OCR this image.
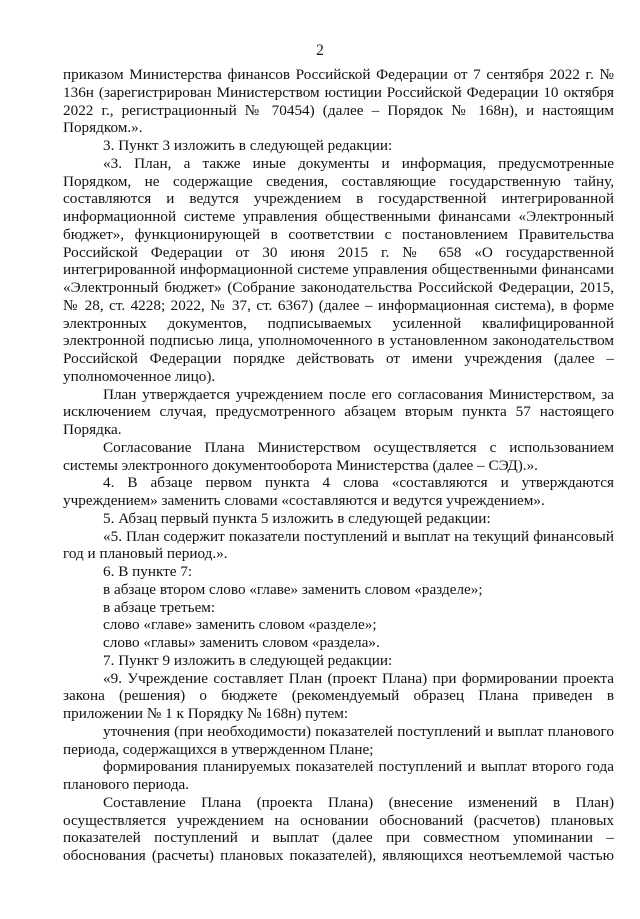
2

приказом Министерства финансов Российской Федерации от 7 сентября 2022 г. № 136н (зарегистрирован Министерством юстиции Российской Федерации 10 октября 2022 г., регистрационный № 70454) (далее – Порядок № 168н), и настоящим Порядком.».

3. Пункт 3 изложить в следующей редакции:

«3. План, а также иные документы и информация, предусмотренные Порядком, не содержащие сведения, составляющие государственную тайну, составляются и ведутся учреждением в государственной интегрированной информационной системе управления общественными финансами «Электронный бюджет», функционирующей в соответствии с постановлением Правительства Российской Федерации от 30 июня 2015 г. № 658 «О государственной интегрированной информационной системе управления общественными финансами «Электронный бюджет» (Собрание законодательства Российской Федерации, 2015, № 28, ст. 4228; 2022, № 37, ст. 6367) (далее – информационная система), в форме электронных документов, подписываемых усиленной квалифицированной электронной подписью лица, уполномоченного в установленном законодательством Российской Федерации порядке действовать от имени учреждения (далее – уполномоченное лицо).

План утверждается учреждением после его согласования Министерством, за исключением случая, предусмотренного абзацем вторым пункта 57 настоящего Порядка.

Согласование Плана Министерством осуществляется с использованием системы электронного документооборота Министерства (далее – СЭД).».

4. В абзаце первом пункта 4 слова «составляются и утверждаются учреждением» заменить словами «составляются и ведутся учреждением».

5. Абзац первый пункта 5 изложить в следующей редакции:

«5. План содержит показатели поступлений и выплат на текущий финансовый год и плановый период.».

6. В пункте 7:

в абзаце втором слово «главе» заменить словом «разделе»;

в абзаце третьем:

слово «главе» заменить словом «разделе»;

слово «главы» заменить словом «раздела».

7. Пункт 9 изложить в следующей редакции:

«9. Учреждение составляет План (проект Плана) при формировании проекта закона (решения) о бюджете (рекомендуемый образец Плана приведен в приложении № 1 к Порядку № 168н) путем:

уточнения (при необходимости) показателей поступлений и выплат планового периода, содержащихся в утвержденном Плане;

формирования планируемых показателей поступлений и выплат второго года планового периода.

Составление Плана (проекта Плана) (внесение изменений в План) осуществляется учреждением на основании обоснований (расчетов) плановых показателей поступлений и выплат (далее при совместном упоминании – обоснования (расчеты) плановых показателей), являющихся неотъемлемой частью
